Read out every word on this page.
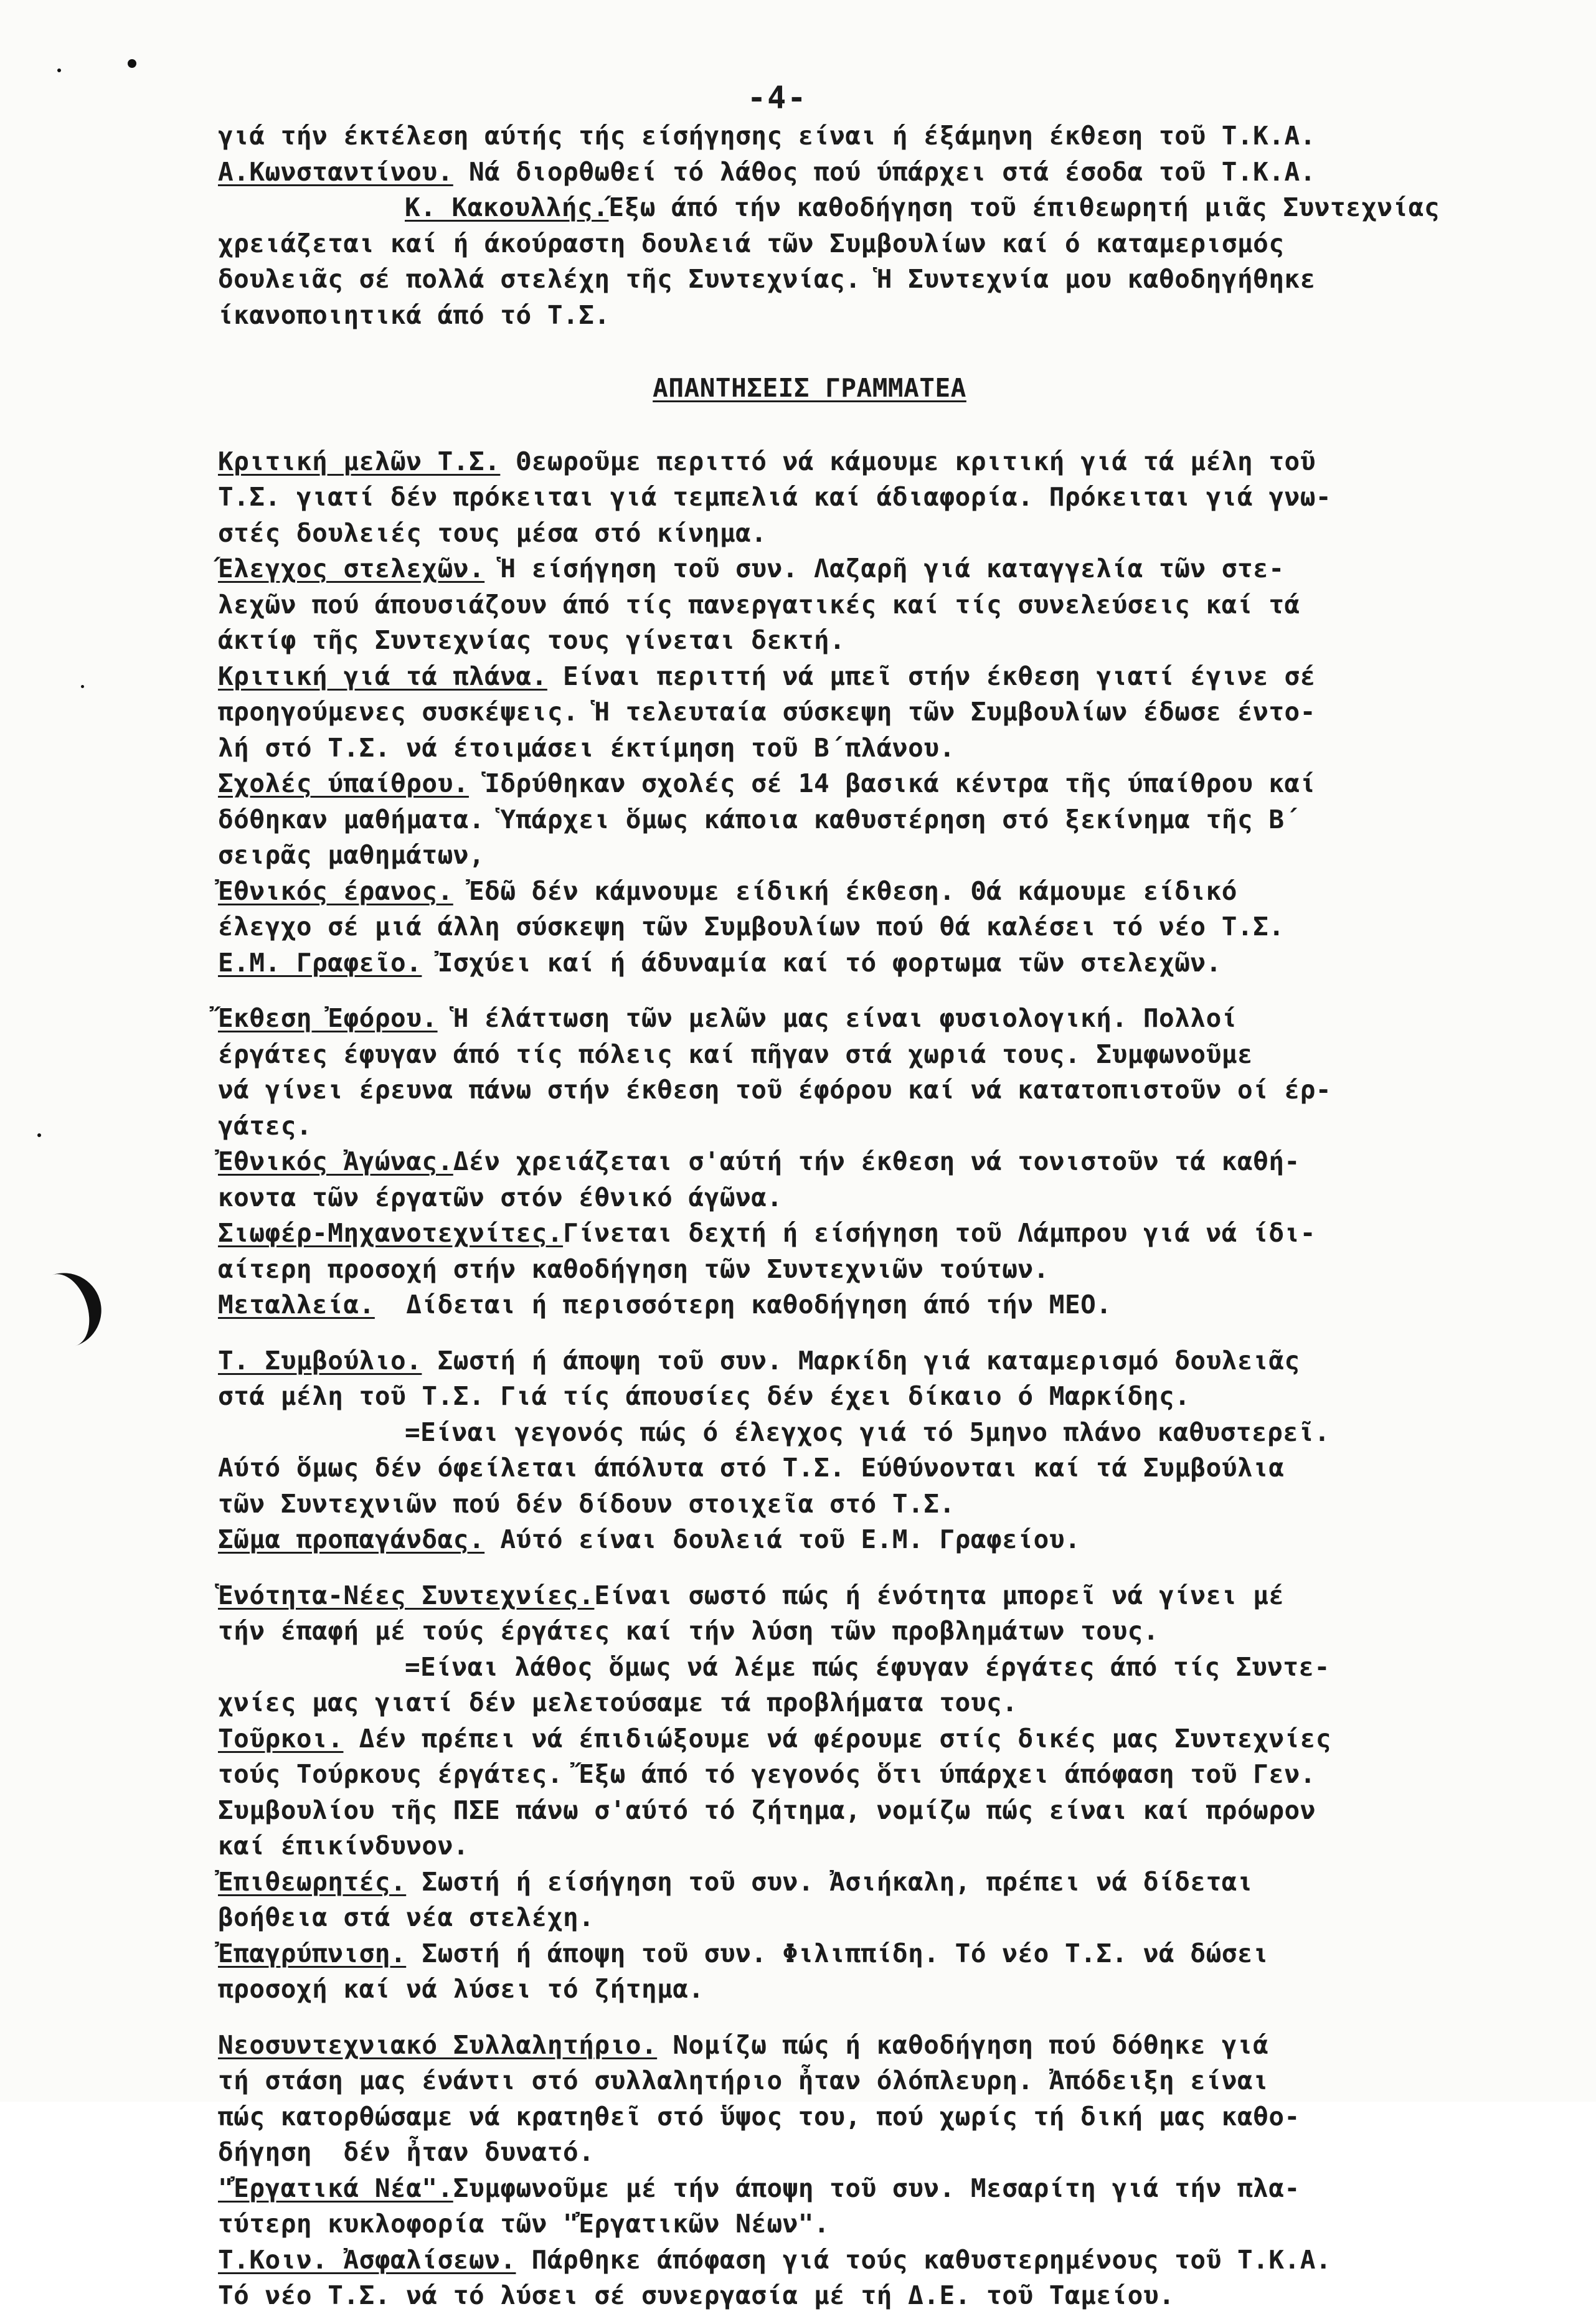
-4-
γιά τήν έκτέλεση αύτής τής είσήγησης είναι ή έξάμηνη έκθεση τοῦ Τ.Κ.Α.
Α.Κωνσταντίνου. Νά διορθωθεί τό λάθος πού ύπάρχει στά έσοδα τοῦ Τ.Κ.Α.
Κ. Κακουλλής.Έξω άπό τήν καθοδήγηση τοῦ έπιθεωρητή μιᾶς Συντεχνίας
χρειάζεται καί ή άκούραστη δουλειά τῶν Συμβουλίων καί ό καταμερισμός
δουλειᾶς σέ πολλά στελέχη τῆς Συντεχνίας. Ἡ Συντεχνία μου καθοδηγήθηκε
ίκανοποιητικά άπό τό Τ.Σ.
ΑΠΑΝΤΗΣΕΙΣ ΓΡΑΜΜΑΤΕΑ
Κριτική μελῶν Τ.Σ. Θεωροῦμε περιττό νά κάμουμε κριτική γιά τά μέλη τοῦ
Τ.Σ. γιατί δέν πρόκειται γιά τεμπελιά καί άδιαφορία. Πρόκειται γιά γνω-
στές δουλειές τους μέσα στό κίνημα.
Έλεγχος στελεχῶν. Ἡ είσήγηση τοῦ συν. Λαζαρῆ γιά καταγγελία τῶν στε-
λεχῶν πού άπουσιάζουν άπό τίς πανεργατικές καί τίς συνελεύσεις καί τά
άκτίφ τῆς Συντεχνίας τους γίνεται δεκτή.
Κριτική γιά τά πλάνα. Είναι περιττή νά μπεῖ στήν έκθεση γιατί έγινε σέ
προηγούμενες συσκέψεις. Ἡ τελευταία σύσκεψη τῶν Συμβουλίων έδωσε έντο-
λή στό Τ.Σ. νά έτοιμάσει έκτίμηση τοῦ Β΄πλάνου.
Σχολές ύπαίθρου. Ἱδρύθηκαν σχολές σέ 14 βασικά κέντρα τῆς ύπαίθρου καί
δόθηκαν μαθήματα. Ὑπάρχει ὅμως κάποια καθυστέρηση στό ξεκίνημα τῆς Β΄
σειρᾶς μαθημάτων,
Ἐθνικός έρανος. Ἐδῶ δέν κάμνουμε είδική έκθεση. Θά κάμουμε είδικό
έλεγχο σέ μιά άλλη σύσκεψη τῶν Συμβουλίων πού θά καλέσει τό νέο Τ.Σ.
Ε.Μ. Γραφεῖο. Ἰσχύει καί ή άδυναμία καί τό φορτωμα τῶν στελεχῶν.
Ἔκθεση Ἐφόρου. Ἡ έλάττωση τῶν μελῶν μας είναι φυσιολογική. Πολλοί
έργάτες έφυγαν άπό τίς πόλεις καί πῆγαν στά χωριά τους. Συμφωνοῦμε
νά γίνει έρευνα πάνω στήν έκθεση τοῦ έφόρου καί νά κατατοπιστοῦν οί έρ-
γάτες.
Ἐθνικός Ἀγώνας.Δέν χρειάζεται σ'αύτή τήν έκθεση νά τονιστοῦν τά καθή-
κοντα τῶν έργατῶν στόν έθνικό άγῶνα.
Σιωφέρ-Μηχανοτεχνίτες.Γίνεται δεχτή ή είσήγηση τοῦ Λάμπρου γιά νά ίδι-
αίτερη προσοχή στήν καθοδήγηση τῶν Συντεχνιῶν τούτων.
Μεταλλεία.  Δίδεται ή περισσότερη καθοδήγηση άπό τήν ΜΕΟ.
Τ. Συμβούλιο. Σωστή ή άποψη τοῦ συν. Μαρκίδη γιά καταμερισμό δουλειᾶς
στά μέλη τοῦ Τ.Σ. Γιά τίς άπουσίες δέν έχει δίκαιο ό Μαρκίδης.
=Είναι γεγονός πώς ό έλεγχος γιά τό 5μηνο πλάνο καθυστερεῖ.
Αύτό ὅμως δέν όφείλεται άπόλυτα στό Τ.Σ. Εύθύνονται καί τά Συμβούλια
τῶν Συντεχνιῶν πού δέν δίδουν στοιχεῖα στό Τ.Σ.
Σῶμα προπαγάνδας. Αύτό είναι δουλειά τοῦ Ε.Μ. Γραφείου.
Ἑνότητα-Νέες Συντεχνίες.Είναι σωστό πώς ή ένότητα μπορεῖ νά γίνει μέ
τήν έπαφή μέ τούς έργάτες καί τήν λύση τῶν προβλημάτων τους.
=Είναι λάθος ὅμως νά λέμε πώς έφυγαν έργάτες άπό τίς Συντε-
χνίες μας γιατί δέν μελετούσαμε τά προβλήματα τους.
Τοῦρκοι. Δέν πρέπει νά έπιδιώξουμε νά φέρουμε στίς δικές μας Συντεχνίες
τούς Τούρκους έργάτες. Ἔξω άπό τό γεγονός ὅτι ύπάρχει άπόφαση τοῦ Γεν.
Συμβουλίου τῆς ΠΣΕ πάνω σ'αύτό τό ζήτημα, νομίζω πώς είναι καί πρόωρον
καί έπικίνδυνον.
Ἐπιθεωρητές. Σωστή ή είσήγηση τοῦ συν. Ἀσιήκαλη, πρέπει νά δίδεται
βοήθεια στά νέα στελέχη.
Ἐπαγρύπνιση. Σωστή ή άποψη τοῦ συν. Φιλιππίδη. Τό νέο Τ.Σ. νά δώσει
προσοχή καί νά λύσει τό ζήτημα.
Νεοσυντεχνιακό Συλλαλητήριο. Νομίζω πώς ή καθοδήγηση πού δόθηκε γιά
τή στάση μας ένάντι στό συλλαλητήριο ἦταν όλόπλευρη. Ἀπόδειξη είναι
πώς κατορθώσαμε νά κρατηθεῖ στό ὕψος του, πού χωρίς τή δική μας καθο-
δήγηση  δέν ἦταν δυνατό.
"Ἐργατικά Νέα".Συμφωνοῦμε μέ τήν άποψη τοῦ συν. Μεσαρίτη γιά τήν πλα-
τύτερη κυκλοφορία τῶν "Ἐργατικῶν Νέων".
Τ.Κοιν. Ἀσφαλίσεων. Πάρθηκε άπόφαση γιά τούς καθυστερημένους τοῦ Τ.Κ.Α.
Τό νέο Τ.Σ. νά τό λύσει σέ συνεργασία μέ τή Δ.Ε. τοῦ Ταμείου.
